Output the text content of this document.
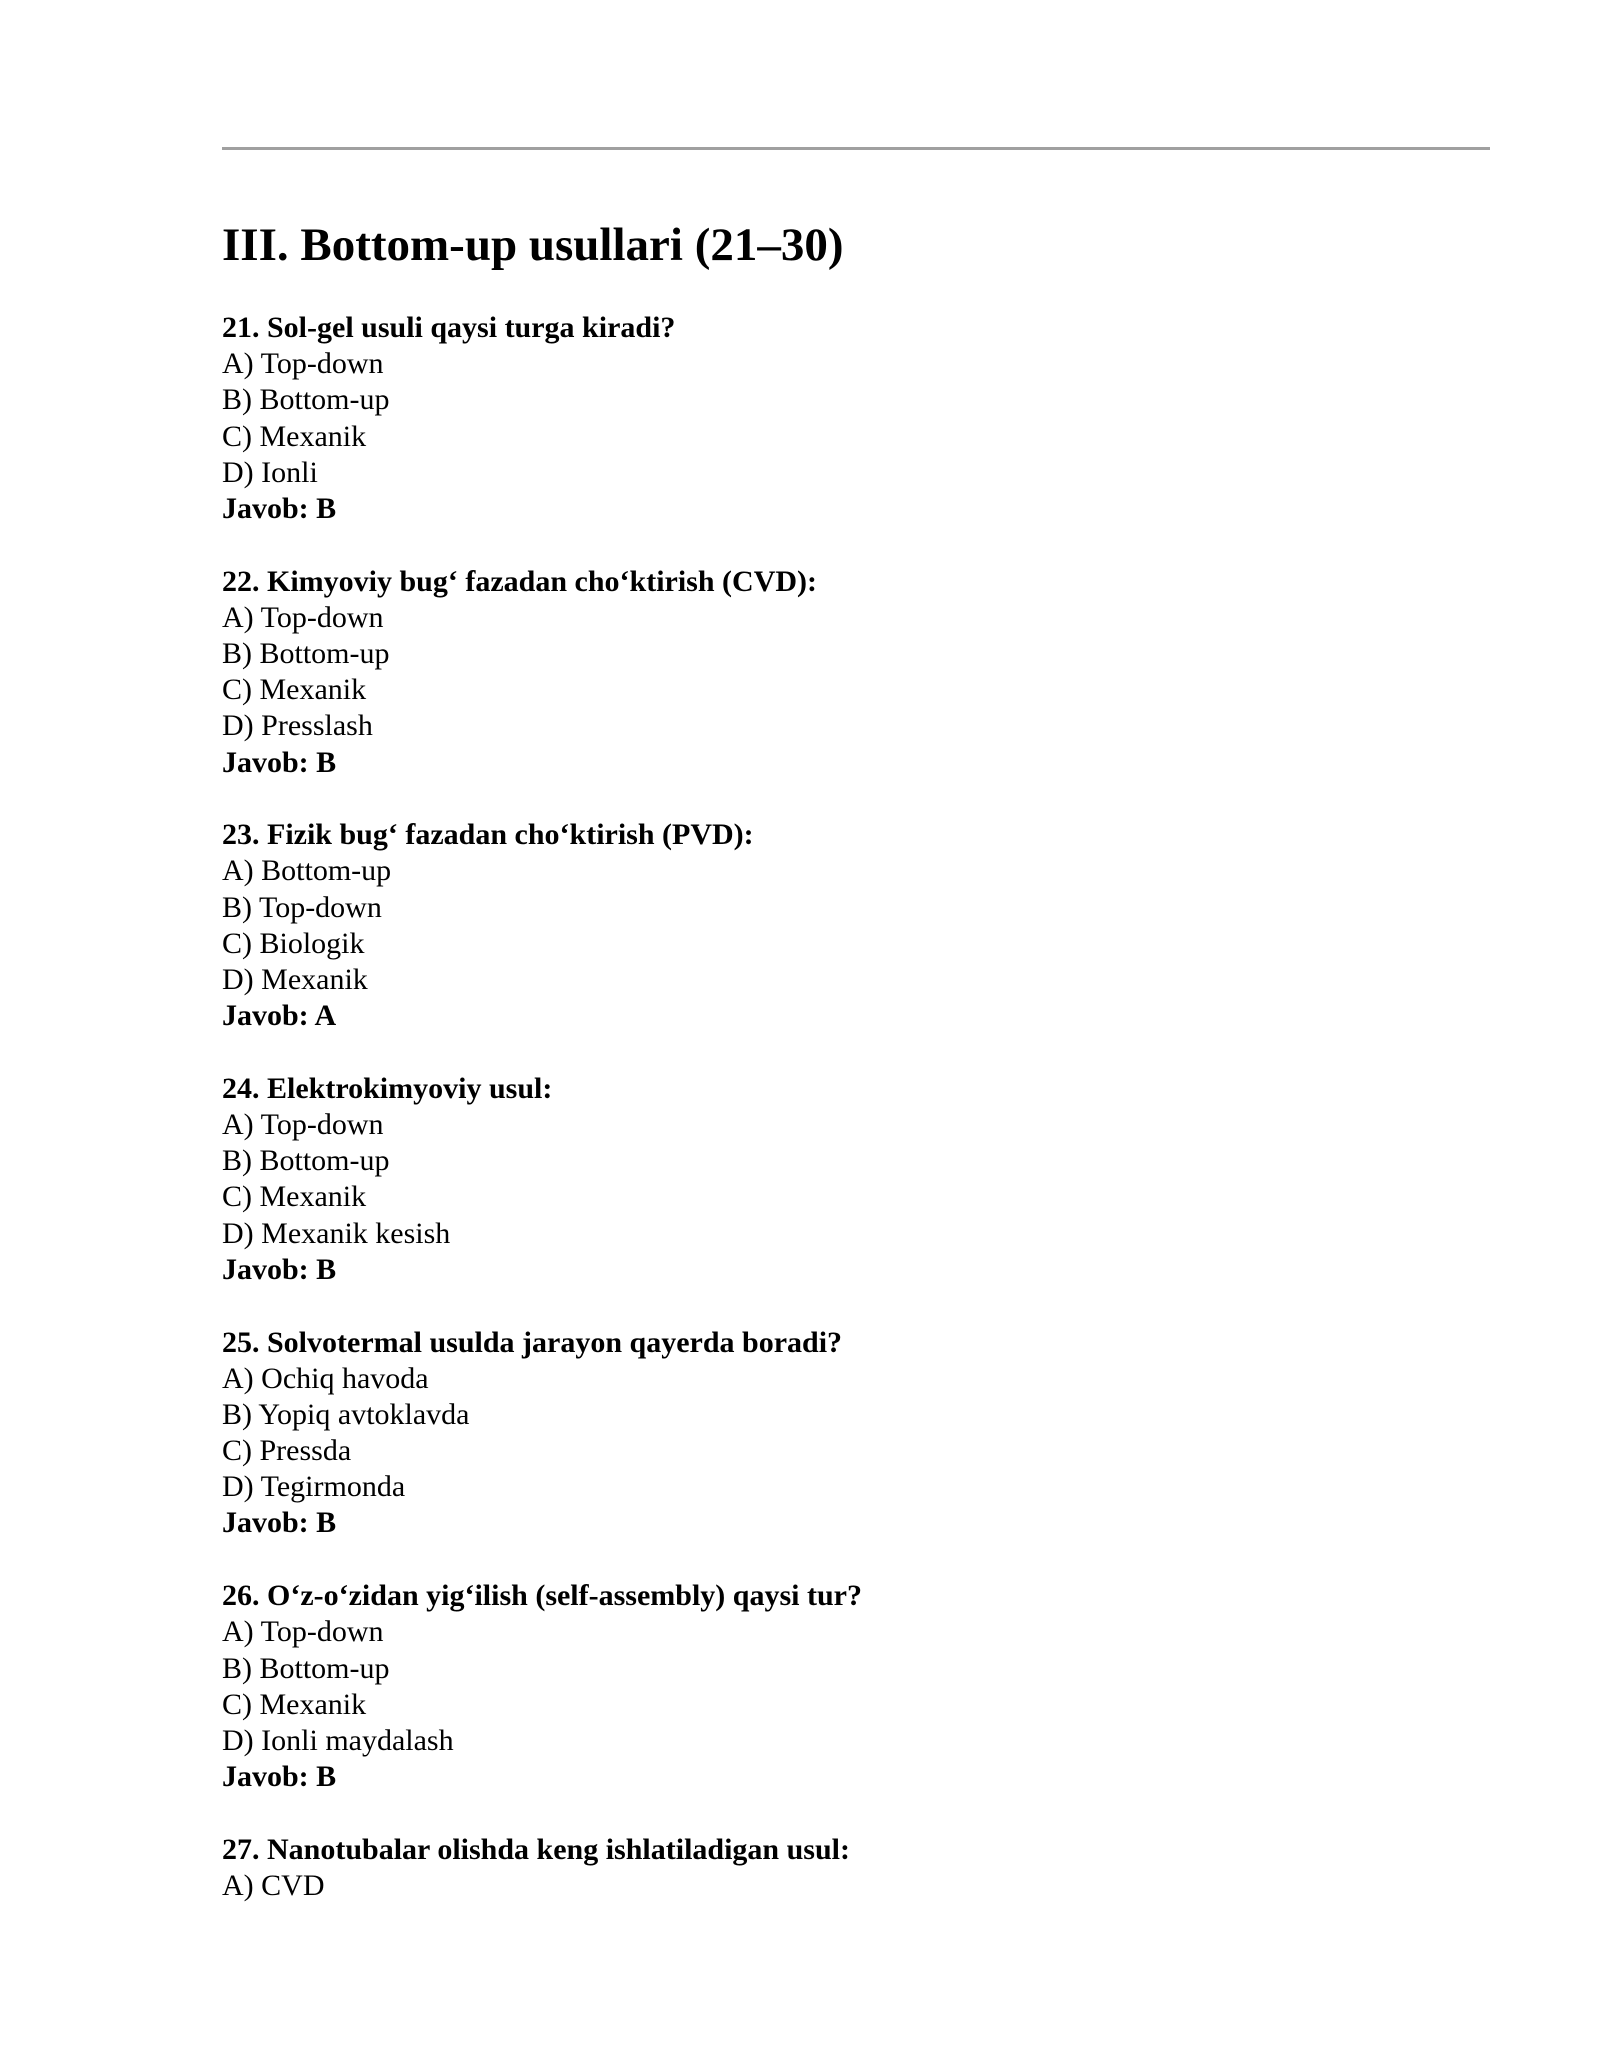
III. Bottom-up usullari (21–30)
21. Sol-gel usuli qaysi turga kiradi?
A) Top-down
B) Bottom-up
C) Mexanik
D) Ionli
Javob: B
22. Kimyoviy bug‘ fazadan cho‘ktirish (CVD):
A) Top-down
B) Bottom-up
C) Mexanik
D) Presslash
Javob: B
23. Fizik bug‘ fazadan cho‘ktirish (PVD):
A) Bottom-up
B) Top-down
C) Biologik
D) Mexanik
Javob: A
24. Elektrokimyoviy usul:
A) Top-down
B) Bottom-up
C) Mexanik
D) Mexanik kesish
Javob: B
25. Solvotermal usulda jarayon qayerda boradi?
A) Ochiq havoda
B) Yopiq avtoklavda
C) Pressda
D) Tegirmonda
Javob: B
26. O‘z-o‘zidan yig‘ilish (self-assembly) qaysi tur?
A) Top-down
B) Bottom-up
C) Mexanik
D) Ionli maydalash
Javob: B
27. Nanotubalar olishda keng ishlatiladigan usul:
A) CVD
